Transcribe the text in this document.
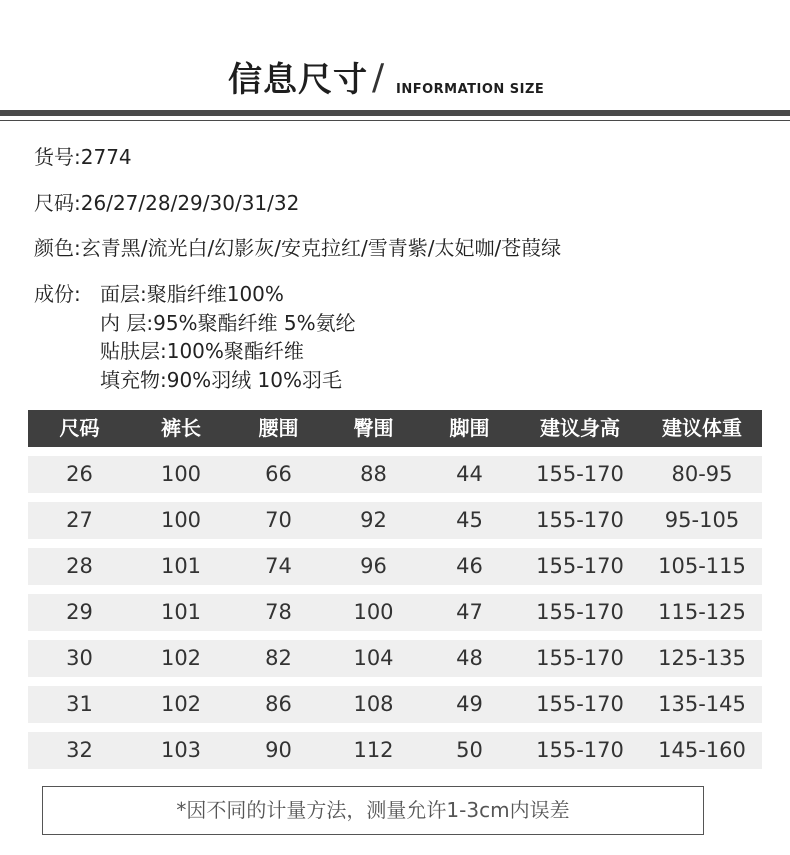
信息尺寸 / INFORMATION SIZE
货号:2774
尺码:26/27/28/29/30/31/32
颜色:玄青黑/流光白/幻影灰/安克拉红/雪青紫/太妃咖/苍葭绿
成份: 面层:聚脂纤维100%
内 层:95%聚酯纤维 5%氨纶
贴肤层:100%聚酯纤维
填充物:90%羽绒 10%羽毛
尺码	裤长	腰围	臀围	脚围	建议身高	建议体重
26	100	66	88	44	155-170	80-95
27	100	70	92	45	155-170	95-105
28	101	74	96	46	155-170	105-115
29	101	78	100	47	155-170	115-125
30	102	82	104	48	155-170	125-135
31	102	86	108	49	155-170	135-145
32	103	90	112	50	155-170	145-160
*因不同的计量方法，测量允许1-3cm内误差
